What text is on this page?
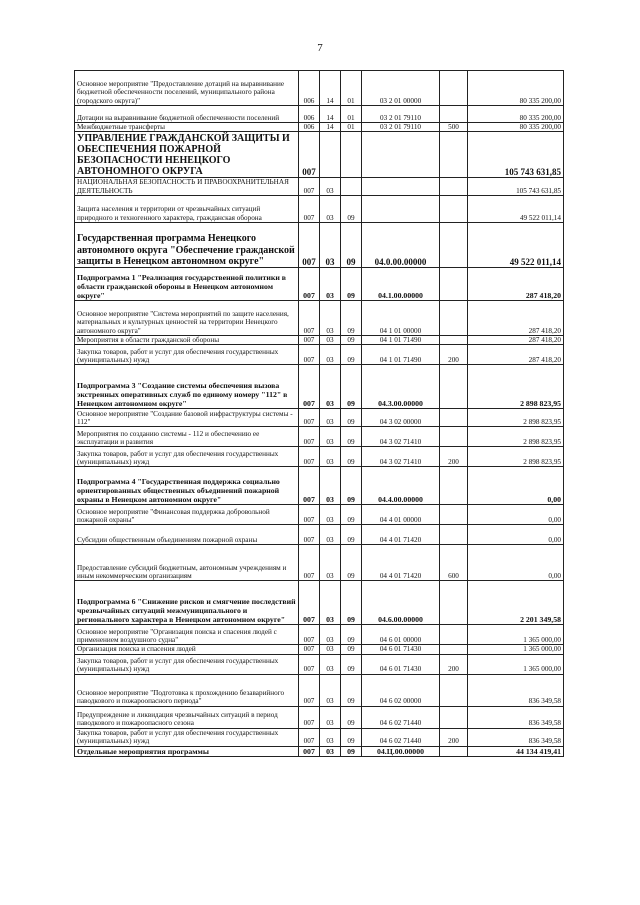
7
Основное мероприятие "Предоставление дотаций на выравнивание бюджетной обеспеченности поселений, муниципального района (городского округа)"	006	14	01	03 2 01 00000		80 335 200,00
Дотации на выравнивание бюджетной обеспеченности поселений	006	14	01	03 2 01 79110		80 335 200,00
Межбюджетные трансферты	006	14	01	03 2 01 79110	500	80 335 200,00
УПРАВЛЕНИЕ ГРАЖДАНСКОЙ ЗАЩИТЫ И ОБЕСПЕЧЕНИЯ ПОЖАРНОЙ БЕЗОПАСНОСТИ НЕНЕЦКОГО АВТОНОМНОГО ОКРУГА	007					105 743 631,85
НАЦИОНАЛЬНАЯ БЕЗОПАСНОСТЬ И ПРАВООХРАНИТЕЛЬНАЯ ДЕЯТЕЛЬНОСТЬ	007	03				105 743 631,85
Защита населения и территории от чрезвычайных ситуаций природного и техногенного характера, гражданская оборона	007	03	09			49 522 011,14
Государственная программа Ненецкого автономного округа "Обеспечение гражданской защиты в Ненецком автономном округе"	007	03	09	04.0.00.00000		49 522 011,14
Подпрограмма 1 "Реализация государственной политики в области гражданской обороны в Ненецком автономном округе"	007	03	09	04.1.00.00000		287 418,20
Основное мероприятие "Система мероприятий по защите населения, материальных и культурных ценностей на территории Ненецкого автономного округа"	007	03	09	04 1 01 00000		287 418,20
Мероприятия в области гражданской обороны	007	03	09	04 1 01 71490		287 418,20
Закупка товаров, работ и услуг для обеспечения государственных (муниципальных) нужд	007	03	09	04 1 01 71490	200	287 418,20
Подпрограмма 3 "Создание системы обеспечения вызова экстренных оперативных служб по единому номеру "112" в Ненецком автономном округе"	007	03	09	04.3.00.00000		2 898 823,95
Основное мероприятие "Создание базовой инфраструктуры системы - 112"	007	03	09	04 3 02 00000		2 898 823,95
Мероприятия по созданию системы - 112 и обеспечению ее эксплуатации и развития	007	03	09	04 3 02 71410		2 898 823,95
Закупка товаров, работ и услуг для обеспечения государственных (муниципальных) нужд	007	03	09	04 3 02 71410	200	2 898 823,95
Подпрограмма 4 "Государственная поддержка социально ориентированных общественных объединений пожарной охраны в Ненецком автономном округе"	007	03	09	04.4.00.00000		0,00
Основное мероприятие "Финансовая поддержка добровольной пожарной охраны"	007	03	09	04 4 01 00000		0,00
Субсидии общественным объединениям пожарной охраны	007	03	09	04 4 01 71420		0,00
Предоставление субсидий бюджетным, автономным учреждениям и иным некоммерческим организациям	007	03	09	04 4 01 71420	600	0,00
Подпрограмма 6 "Снижение рисков и смягчение последствий чрезвычайных ситуаций межмуниципального и регионального характера в Ненецком автономном округе"	007	03	09	04.6.00.00000		2 201 349,58
Основное мероприятие "Организация поиска и спасения людей с применением воздушного судна"	007	03	09	04 6 01 00000		1 365 000,00
Организация поиска и спасения людей	007	03	09	04 6 01 71430		1 365 000,00
Закупка товаров, работ и услуг для обеспечения государственных (муниципальных) нужд	007	03	09	04 6 01 71430	200	1 365 000,00
Основное мероприятие "Подготовка к прохождению безаварийного паводкового и пожароопасного периода"	007	03	09	04 6 02 00000		836 349,58
Предупреждение и ликвидация чрезвычайных ситуаций в период паводкового и пожароопасного сезона	007	03	09	04 6 02 71440		836 349,58
Закупка товаров, работ и услуг для обеспечения государственных (муниципальных) нужд	007	03	09	04 6 02 71440	200	836 349,58
Отдельные мероприятия программы	007	03	09	04.Ц.00.00000		44 134 419,41
